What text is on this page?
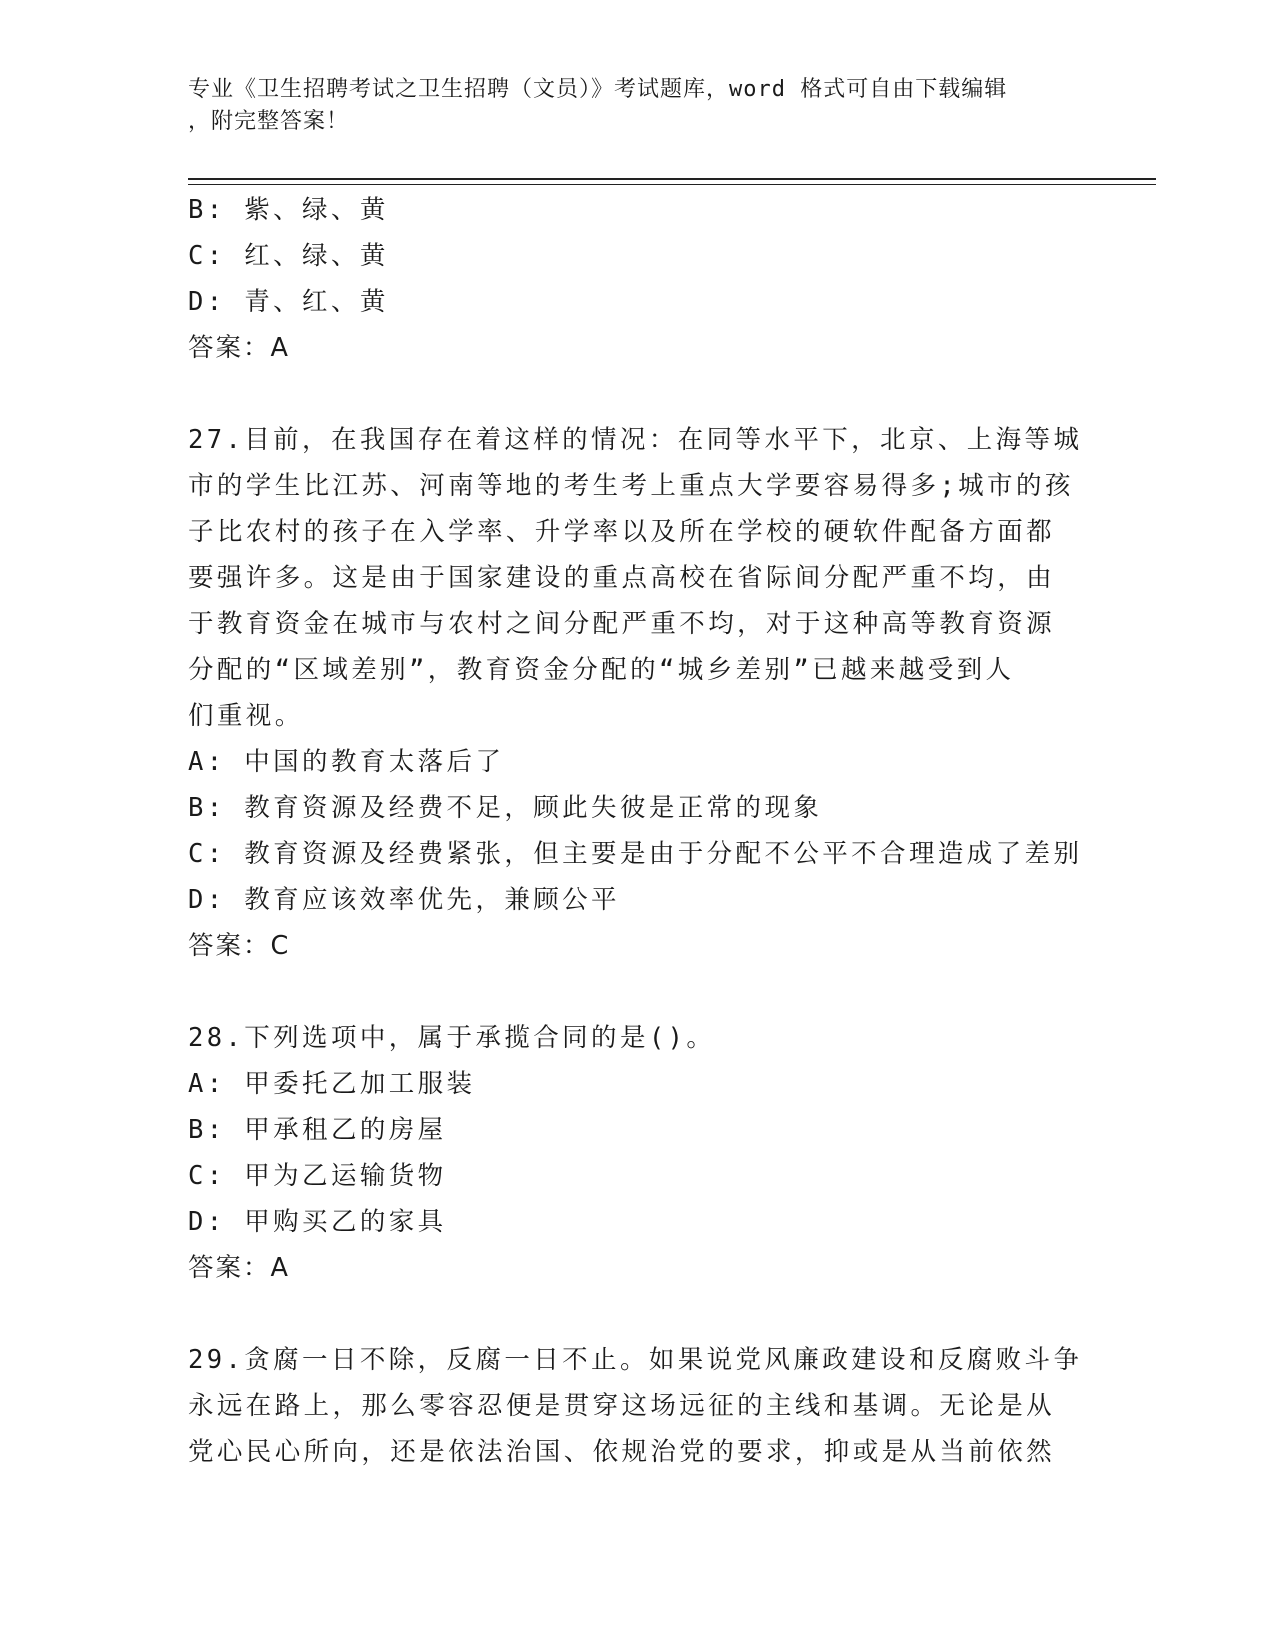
专业《卫生招聘考试之卫生招聘（文员）》考试题库，word 格式可自由下载编辑
，附完整答案！
B: 紫、绿、黄
C: 红、绿、黄
D: 青、红、黄
答案：A
27.目前，在我国存在着这样的情况：在同等水平下，北京、上海等城
市的学生比江苏、河南等地的考生考上重点大学要容易得多;城市的孩
子比农村的孩子在入学率、升学率以及所在学校的硬软件配备方面都
要强许多。这是由于国家建设的重点高校在省际间分配严重不均，由
于教育资金在城市与农村之间分配严重不均，对于这种高等教育资源
分配的“区域差别”，教育资金分配的“城乡差别”已越来越受到人
们重视。
A: 中国的教育太落后了
B: 教育资源及经费不足，顾此失彼是正常的现象
C: 教育资源及经费紧张，但主要是由于分配不公平不合理造成了差别
D: 教育应该效率优先，兼顾公平
答案：C
28.下列选项中，属于承揽合同的是()。
A: 甲委托乙加工服装
B: 甲承租乙的房屋
C: 甲为乙运输货物
D: 甲购买乙的家具
答案：A
29.贪腐一日不除，反腐一日不止。如果说党风廉政建设和反腐败斗争
永远在路上，那么零容忍便是贯穿这场远征的主线和基调。无论是从
党心民心所向，还是依法治国、依规治党的要求，抑或是从当前依然
